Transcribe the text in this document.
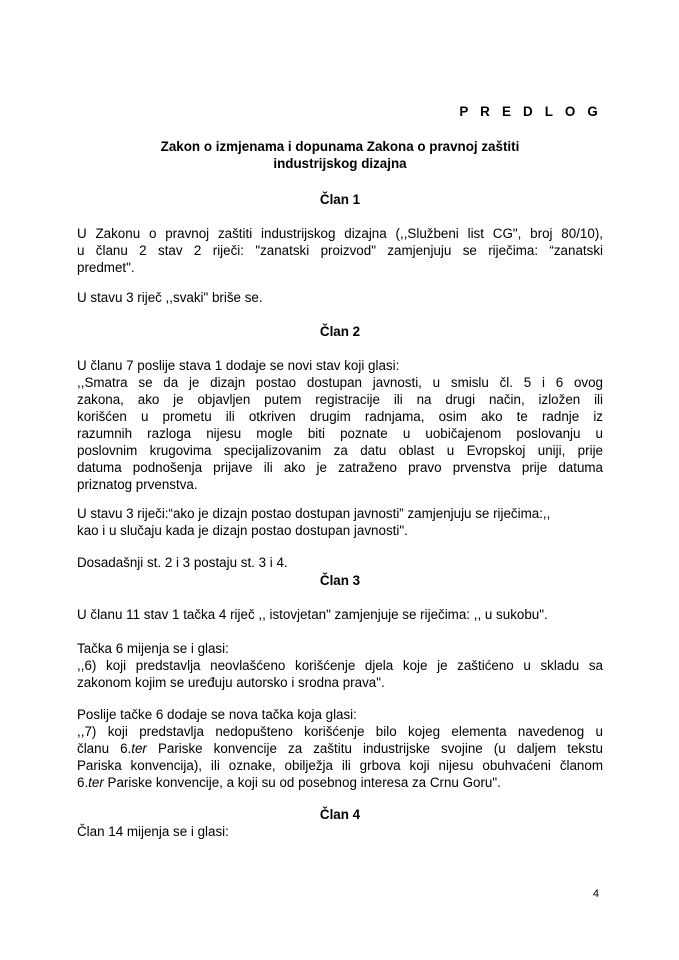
P R E D L O G
Zakon o izmjenama i dopunama Zakona o pravnoj zaštiti
industrijskog dizajna
Član 1
U Zakonu o pravnoj zaštiti industrijskog dizajna (,,Službeni list CG", broj 80/10),
u članu 2 stav 2 riječi: "zanatski proizvod" zamjenjuju se riječima: “zanatski
predmet".
U stavu 3 riječ ,,svaki" briše se.
Član 2
U članu 7 poslije stava 1 dodaje se novi stav koji glasi:
,,Smatra se da je dizajn postao dostupan javnosti, u smislu čl. 5 i 6 ovog
zakona, ako je objavljen putem registracije ili na drugi način, izložen ili
korišćen u prometu ili otkriven drugim radnjama, osim ako te radnje iz
razumnih razloga nijesu mogle biti poznate u uobičajenom poslovanju u
poslovnim krugovima specijalizovanim za datu oblast u Evropskoj uniji, prije
datuma podnošenja prijave ili ako je zatraženo pravo prvenstva prije datuma
priznatog prvenstva.
U stavu 3 riječi:“ako je dizajn postao dostupan javnosti” zamjenjuju se riječima:,,
kao i u slučaju kada je dizajn postao dostupan javnosti".
Dosadašnji st. 2 i 3 postaju st. 3 i 4.
Član 3
U članu 11 stav 1 tačka 4 riječ ,, istovjetan" zamjenjuje se riječima: ,, u sukobu".
Tačka 6 mijenja se i glasi:
,,6) koji predstavlja neovlašćeno korišćenje djela koje je zaštićeno u skladu sa
zakonom kojim se uređuju autorsko i srodna prava".
Poslije tačke 6 dodaje se nova tačka koja glasi:
,,7) koji predstavlja nedopušteno korišćenje bilo kojeg elementa navedenog u
članu 6.ter Pariske konvencije za zaštitu industrijske svojine (u daljem tekstu
Pariska konvencija), ili oznake, obilježja ili grbova koji nijesu obuhvaćeni članom
6.ter Pariske konvencije, a koji su od posebnog interesa za Crnu Goru".
Član 4
Član 14 mijenja se i glasi:
4
